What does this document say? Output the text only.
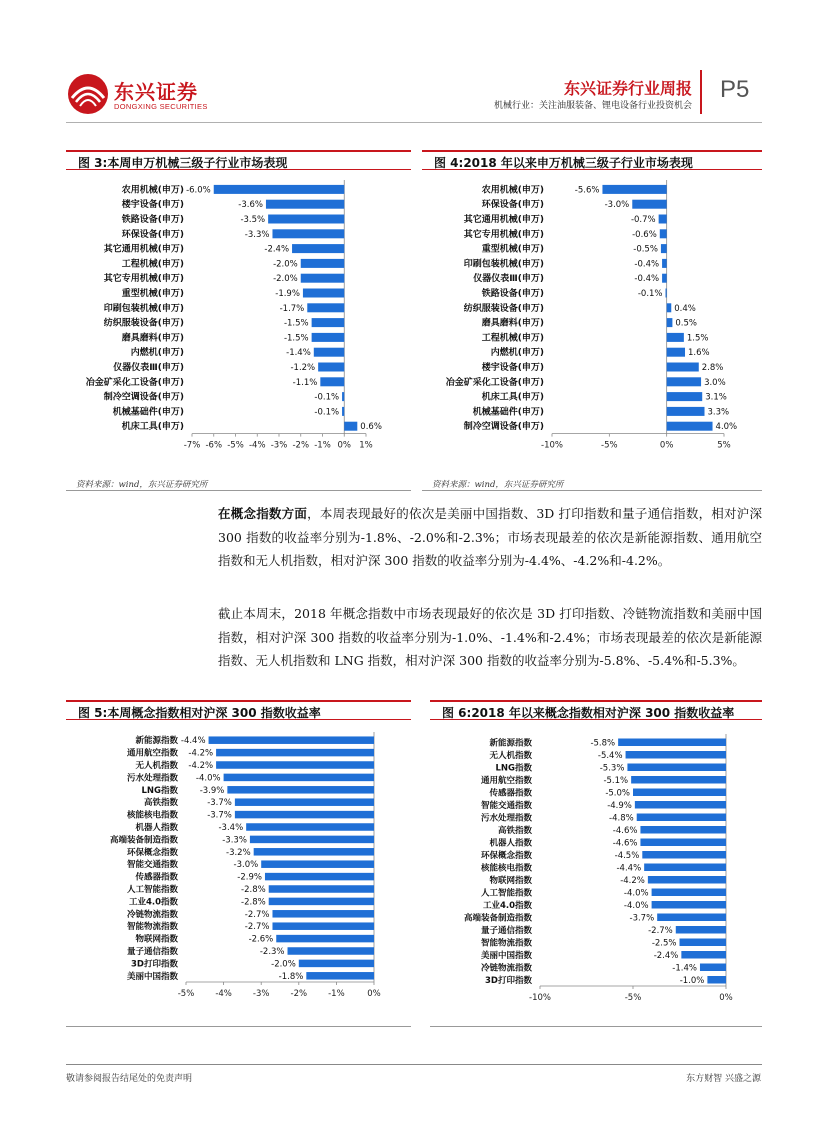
东兴证券
DONGXING SECURITIES
东兴证券行业周报
机械行业：关注油服装备、锂电设备行业投资机会
P5
图 3:本周申万机械三级子行业市场表现
-7% -6% -5% -4% -3% -2% -1% 0% 1%
农用机械(申万) -6.0%
楼宇设备(申万)	-3.6%
铁路设备(申万)	-3.5%
环保设备(申万)	-3.3%
其它通用机械(申万)	-2.4%
工程机械(申万)	-2.0%
其它专用机械(申万)	-2.0%
重型机械(申万)	-1.9%
印刷包装机械(申万)	-1.7%
纺织服装设备(申万)	-1.5%
磨具磨料(申万)	-1.5%
内燃机(申万)	-1.4%
仪器仪表Ⅲ(申万)	-1.2%
冶金矿采化工设备(申万)	-1.1%
制冷空调设备(申万)	-0.1%
机械基础件(申万)	-0.1%
机床工具(申万)	0.6%
资料来源：wind，东兴证券研究所
图 4:2018 年以来申万机械三级子行业市场表现
-10%	-5%	0%	5%
农用机械(申万)	-5.6%
环保设备(申万)	-3.0%
其它通用机械(申万)	-0.7%
其它专用机械(申万)	-0.6%
重型机械(申万)	-0.5%
印刷包装机械(申万)	-0.4%
仪器仪表Ⅲ(申万)	-0.4%
铁路设备(申万)	-0.1%
纺织服装设备(申万)	0.4%
磨具磨料(申万)	0.5%
工程机械(申万)	1.5%
内燃机(申万)	1.6%
楼宇设备(申万)	2.8%
冶金矿采化工设备(申万)	3.0%
机床工具(申万)	3.1%
机械基础件(申万)	3.3%
制冷空调设备(申万)	4.0%
资料来源：wind，东兴证券研究所
在概念指数方面，本周表现最好的依次是美丽中国指数、3D 打印指数和量子通信指数，相对沪深 300 指数的收益率分别为-1.8%、-2.0%和-2.3%；市场表现最差的依次是新能源指数、通用航空指数和无人机指数，相对沪深 300 指数的收益率分别为-4.4%、-4.2%和-4.2%。
截止本周末，2018 年概念指数中市场表现最好的依次是 3D 打印指数、冷链物流指数和美丽中国指数，相对沪深 300 指数的收益率分别为-1.0%、-1.4%和-2.4%；市场表现最差的依次是新能源指数、无人机指数和 LNG 指数，相对沪深 300 指数的收益率分别为-5.8%、-5.4%和-5.3%。
图 5:本周概念指数相对沪深 300 指数收益率
-5% -4% -3% -2% -1%	0%
新能源指数 -4.4%
通用航空指数 -4.2%
无人机指数 -4.2%
污水处理指数 -4.0%
LNG指数	-3.9%
高铁指数	-3.7%
核能核电指数	-3.7%
机器人指数	-3.4%
高端装备制造指数	-3.3%
环保概念指数	-3.2%
智能交通指数	-3.0%
传感器指数	-2.9%
人工智能指数	-2.8%
工业4.0指数	-2.8%
冷链物流指数	-2.7%
智能物流指数	-2.7%
物联网指数	-2.6%
量子通信指数	-2.3%
3D打印指数	-2.0%
美丽中国指数	-1.8%
图 6:2018 年以来概念指数相对沪深 300 指数收益率
-10%	-5%	0%
新能源指数	-5.8%
无人机指数	-5.4%
LNG指数	-5.3%
通用航空指数	-5.1%
传感器指数	-5.0%
智能交通指数	-4.9%
污水处理指数	-4.8%
高铁指数	-4.6%
机器人指数	-4.6%
环保概念指数	-4.5%
核能核电指数	-4.4%
物联网指数	-4.2%
人工智能指数	-4.0%
工业4.0指数	-4.0%
高端装备制造指数	-3.7%
量子通信指数	-2.7%
智能物流指数	-2.5%
美丽中国指数	-2.4%
冷链物流指数	-1.4%
3D打印指数	-1.0%
敬请参阅报告结尾处的免责声明	东方财智 兴盛之源
